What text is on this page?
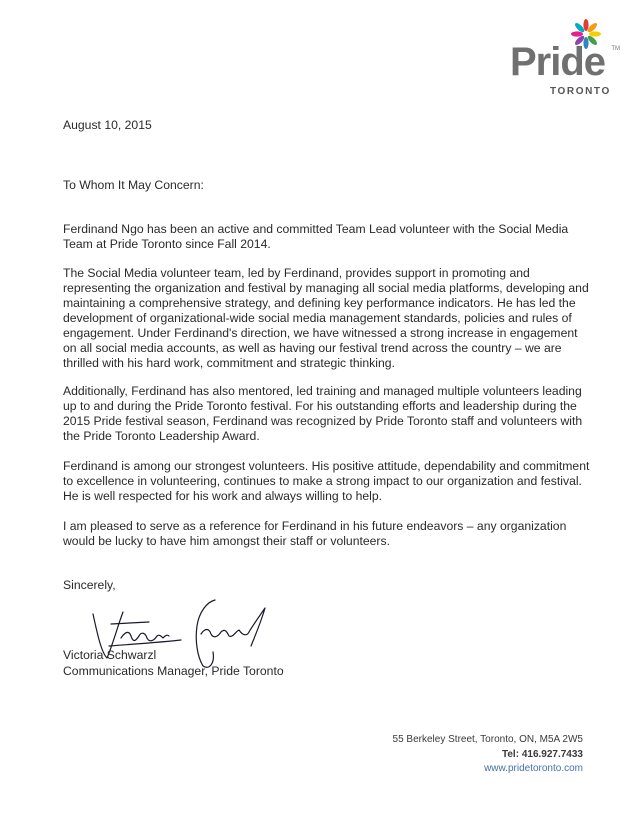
Pride	TM
TORONTO
August 10, 2015
To Whom It May Concern:
Ferdinand Ngo has been an active and committed Team Lead volunteer with the Social Media Team at Pride Toronto since Fall 2014.
The Social Media volunteer team, led by Ferdinand, provides support in promoting and representing the organization and festival by managing all social media platforms, developing and maintaining a comprehensive strategy, and defining key performance indicators. He has led the development of organizational-wide social media management standards, policies and rules of engagement. Under Ferdinand's direction, we have witnessed a strong increase in engagement on all social media accounts, as well as having our festival trend across the country – we are thrilled with his hard work, commitment and strategic thinking.
Additionally, Ferdinand has also mentored, led training and managed multiple volunteers leading up to and during the Pride Toronto festival. For his outstanding efforts and leadership during the 2015 Pride festival season, Ferdinand was recognized by Pride Toronto staff and volunteers with the Pride Toronto Leadership Award.
Ferdinand is among our strongest volunteers. His positive attitude, dependability and commitment to excellence in volunteering, continues to make a strong impact to our organization and festival. He is well respected for his work and always willing to help.
I am pleased to serve as a reference for Ferdinand in his future endeavors – any organization would be lucky to have him amongst their staff or volunteers.
Sincerely,
Victoria Schwarzl
Communications Manager, Pride Toronto
55 Berkeley Street, Toronto, ON, M5A 2W5
Tel: 416.927.7433
www.pridetoronto.com
